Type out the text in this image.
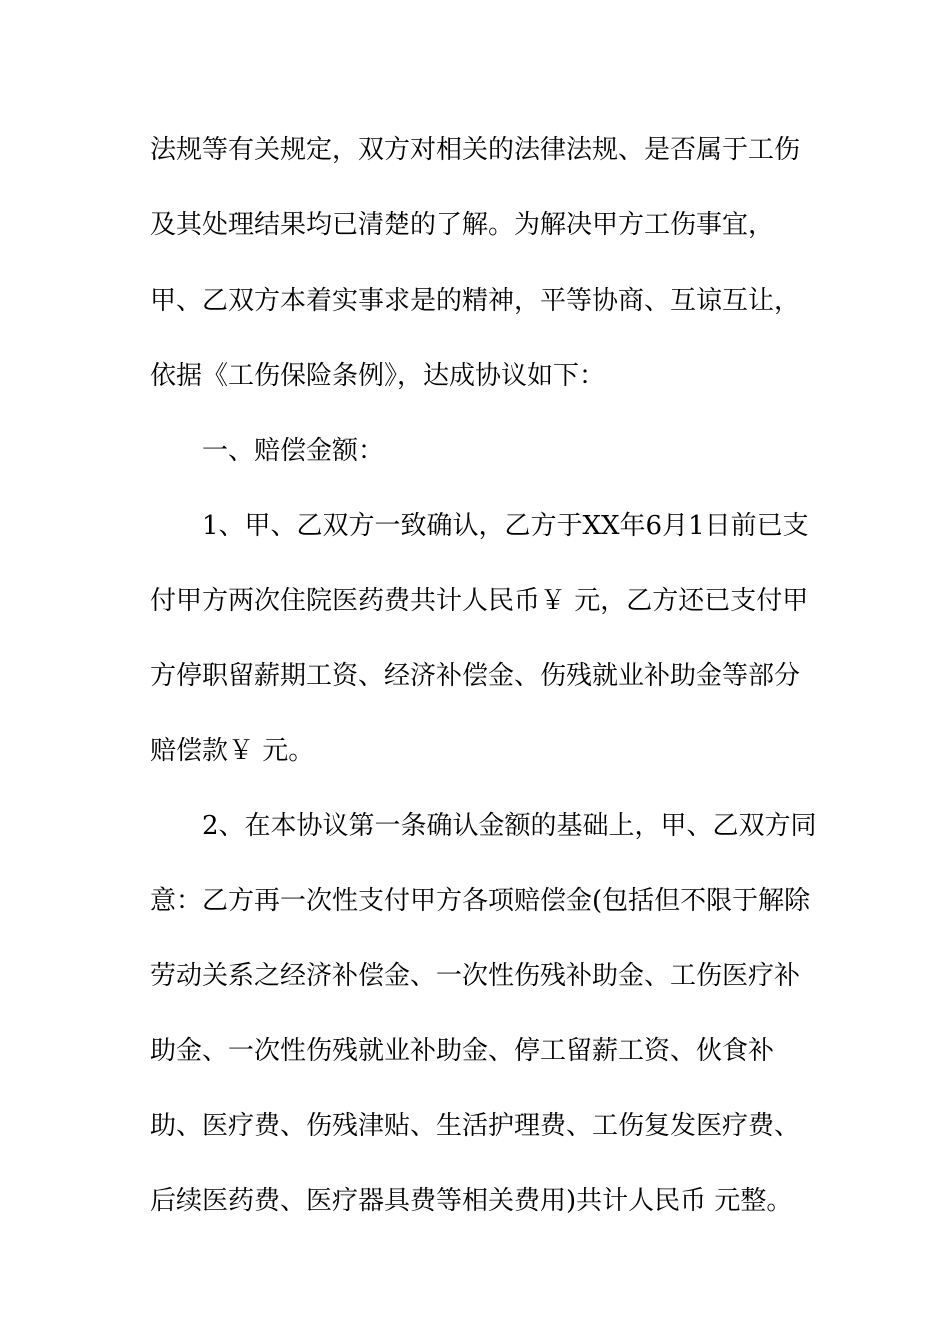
法规等有关规定，双方对相关的法律法规、是否属于工伤
及其处理结果均已清楚的了解。为解决甲方工伤事宜，
甲、乙双方本着实事求是的精神，平等协商、互谅互让，
依据《工伤保险条例》，达成协议如下：
一、赔偿金额：
1、甲、乙双方一致确认，乙方于XX年6月1日前已支
付甲方两次住院医药费共计人民币￥ 元，乙方还已支付甲
方停职留薪期工资、经济补偿金、伤残就业补助金等部分
赔偿款￥ 元。
2、在本协议第一条确认金额的基础上，甲、乙双方同
意：乙方再一次性支付甲方各项赔偿金(包括但不限于解除
劳动关系之经济补偿金、一次性伤残补助金、工伤医疗补
助金、一次性伤残就业补助金、停工留薪工资、伙食补
助、医疗费、伤残津贴、生活护理费、工伤复发医疗费、
后续医药费、医疗器具费等相关费用)共计人民币 元整。
